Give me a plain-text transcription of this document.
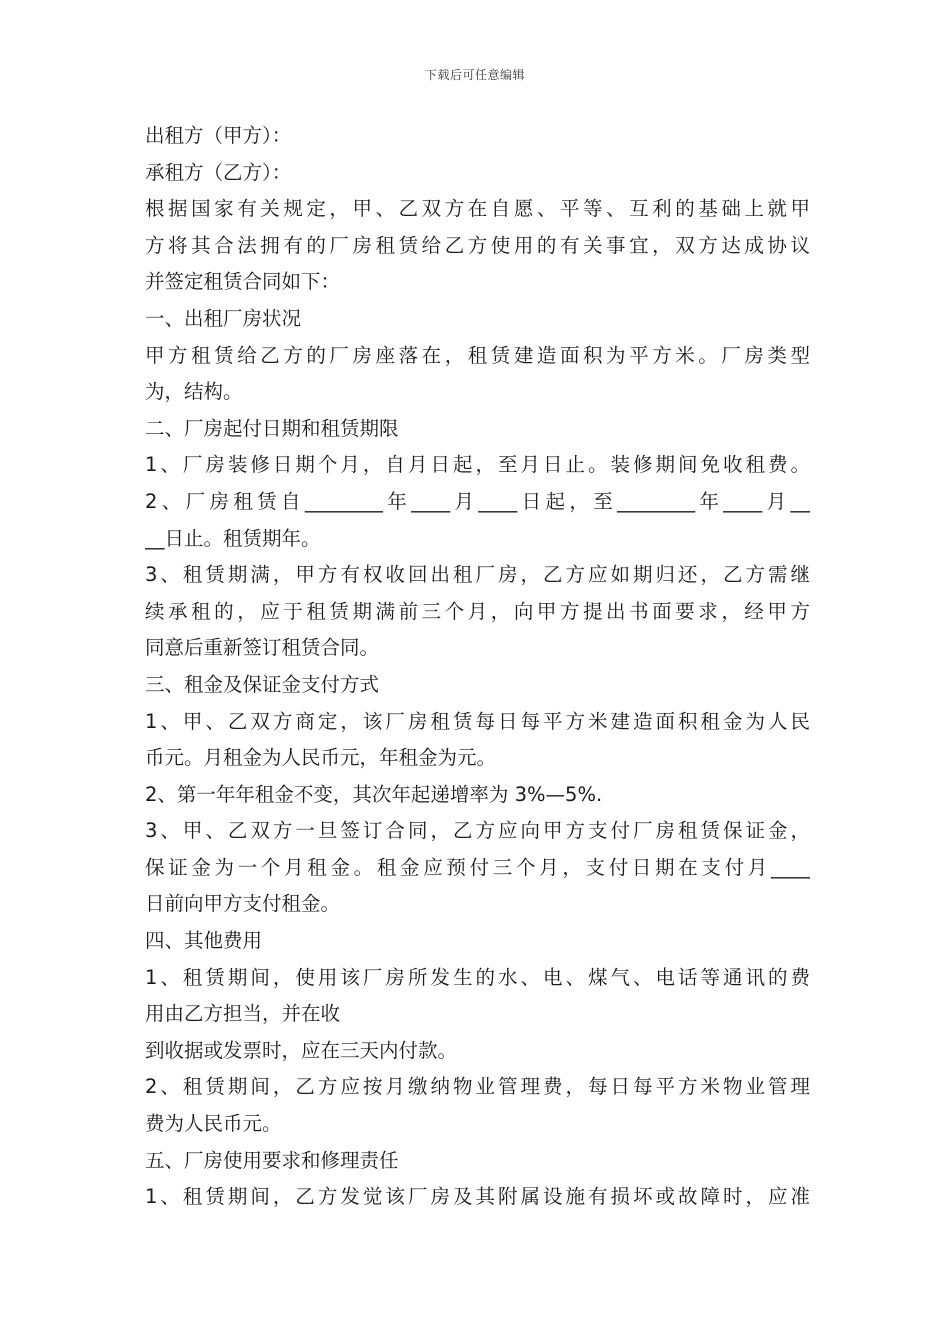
下载后可任意编辑
出租方（甲方）：
承租方（乙方）：
根据国家有关规定，甲、乙双方在自愿、平等、互利的基础上就甲
方将其合法拥有的厂房租赁给乙方使用的有关事宜，双方达成协议
并签定租赁合同如下：
一、出租厂房状况
甲方租赁给乙方的厂房座落在，租赁建造面积为平方米。厂房类型
为，结构。
二、厂房起付日期和租赁期限
1、厂房装修日期个月，自月日起，至月日止。装修期间免收租费。
2、厂房租赁自________年____月____日起，至________年____月__
__日止。租赁期年。
3、租赁期满，甲方有权收回出租厂房，乙方应如期归还，乙方需继
续承租的，应于租赁期满前三个月，向甲方提出书面要求，经甲方
同意后重新签订租赁合同。
三、租金及保证金支付方式
1、甲、乙双方商定，该厂房租赁每日每平方米建造面积租金为人民
币元。月租金为人民币元，年租金为元。
2、第一年年租金不变，其次年起递增率为 3%—5%.
3、甲、乙双方一旦签订合同，乙方应向甲方支付厂房租赁保证金，
保证金为一个月租金。租金应预付三个月，支付日期在支付月____
日前向甲方支付租金。
四、其他费用
1、租赁期间，使用该厂房所发生的水、电、煤气、电话等通讯的费
用由乙方担当，并在收
到收据或发票时，应在三天内付款。
2、租赁期间，乙方应按月缴纳物业管理费，每日每平方米物业管理
费为人民币元。
五、厂房使用要求和修理责任
1、租赁期间，乙方发觉该厂房及其附属设施有损坏或故障时，应准
